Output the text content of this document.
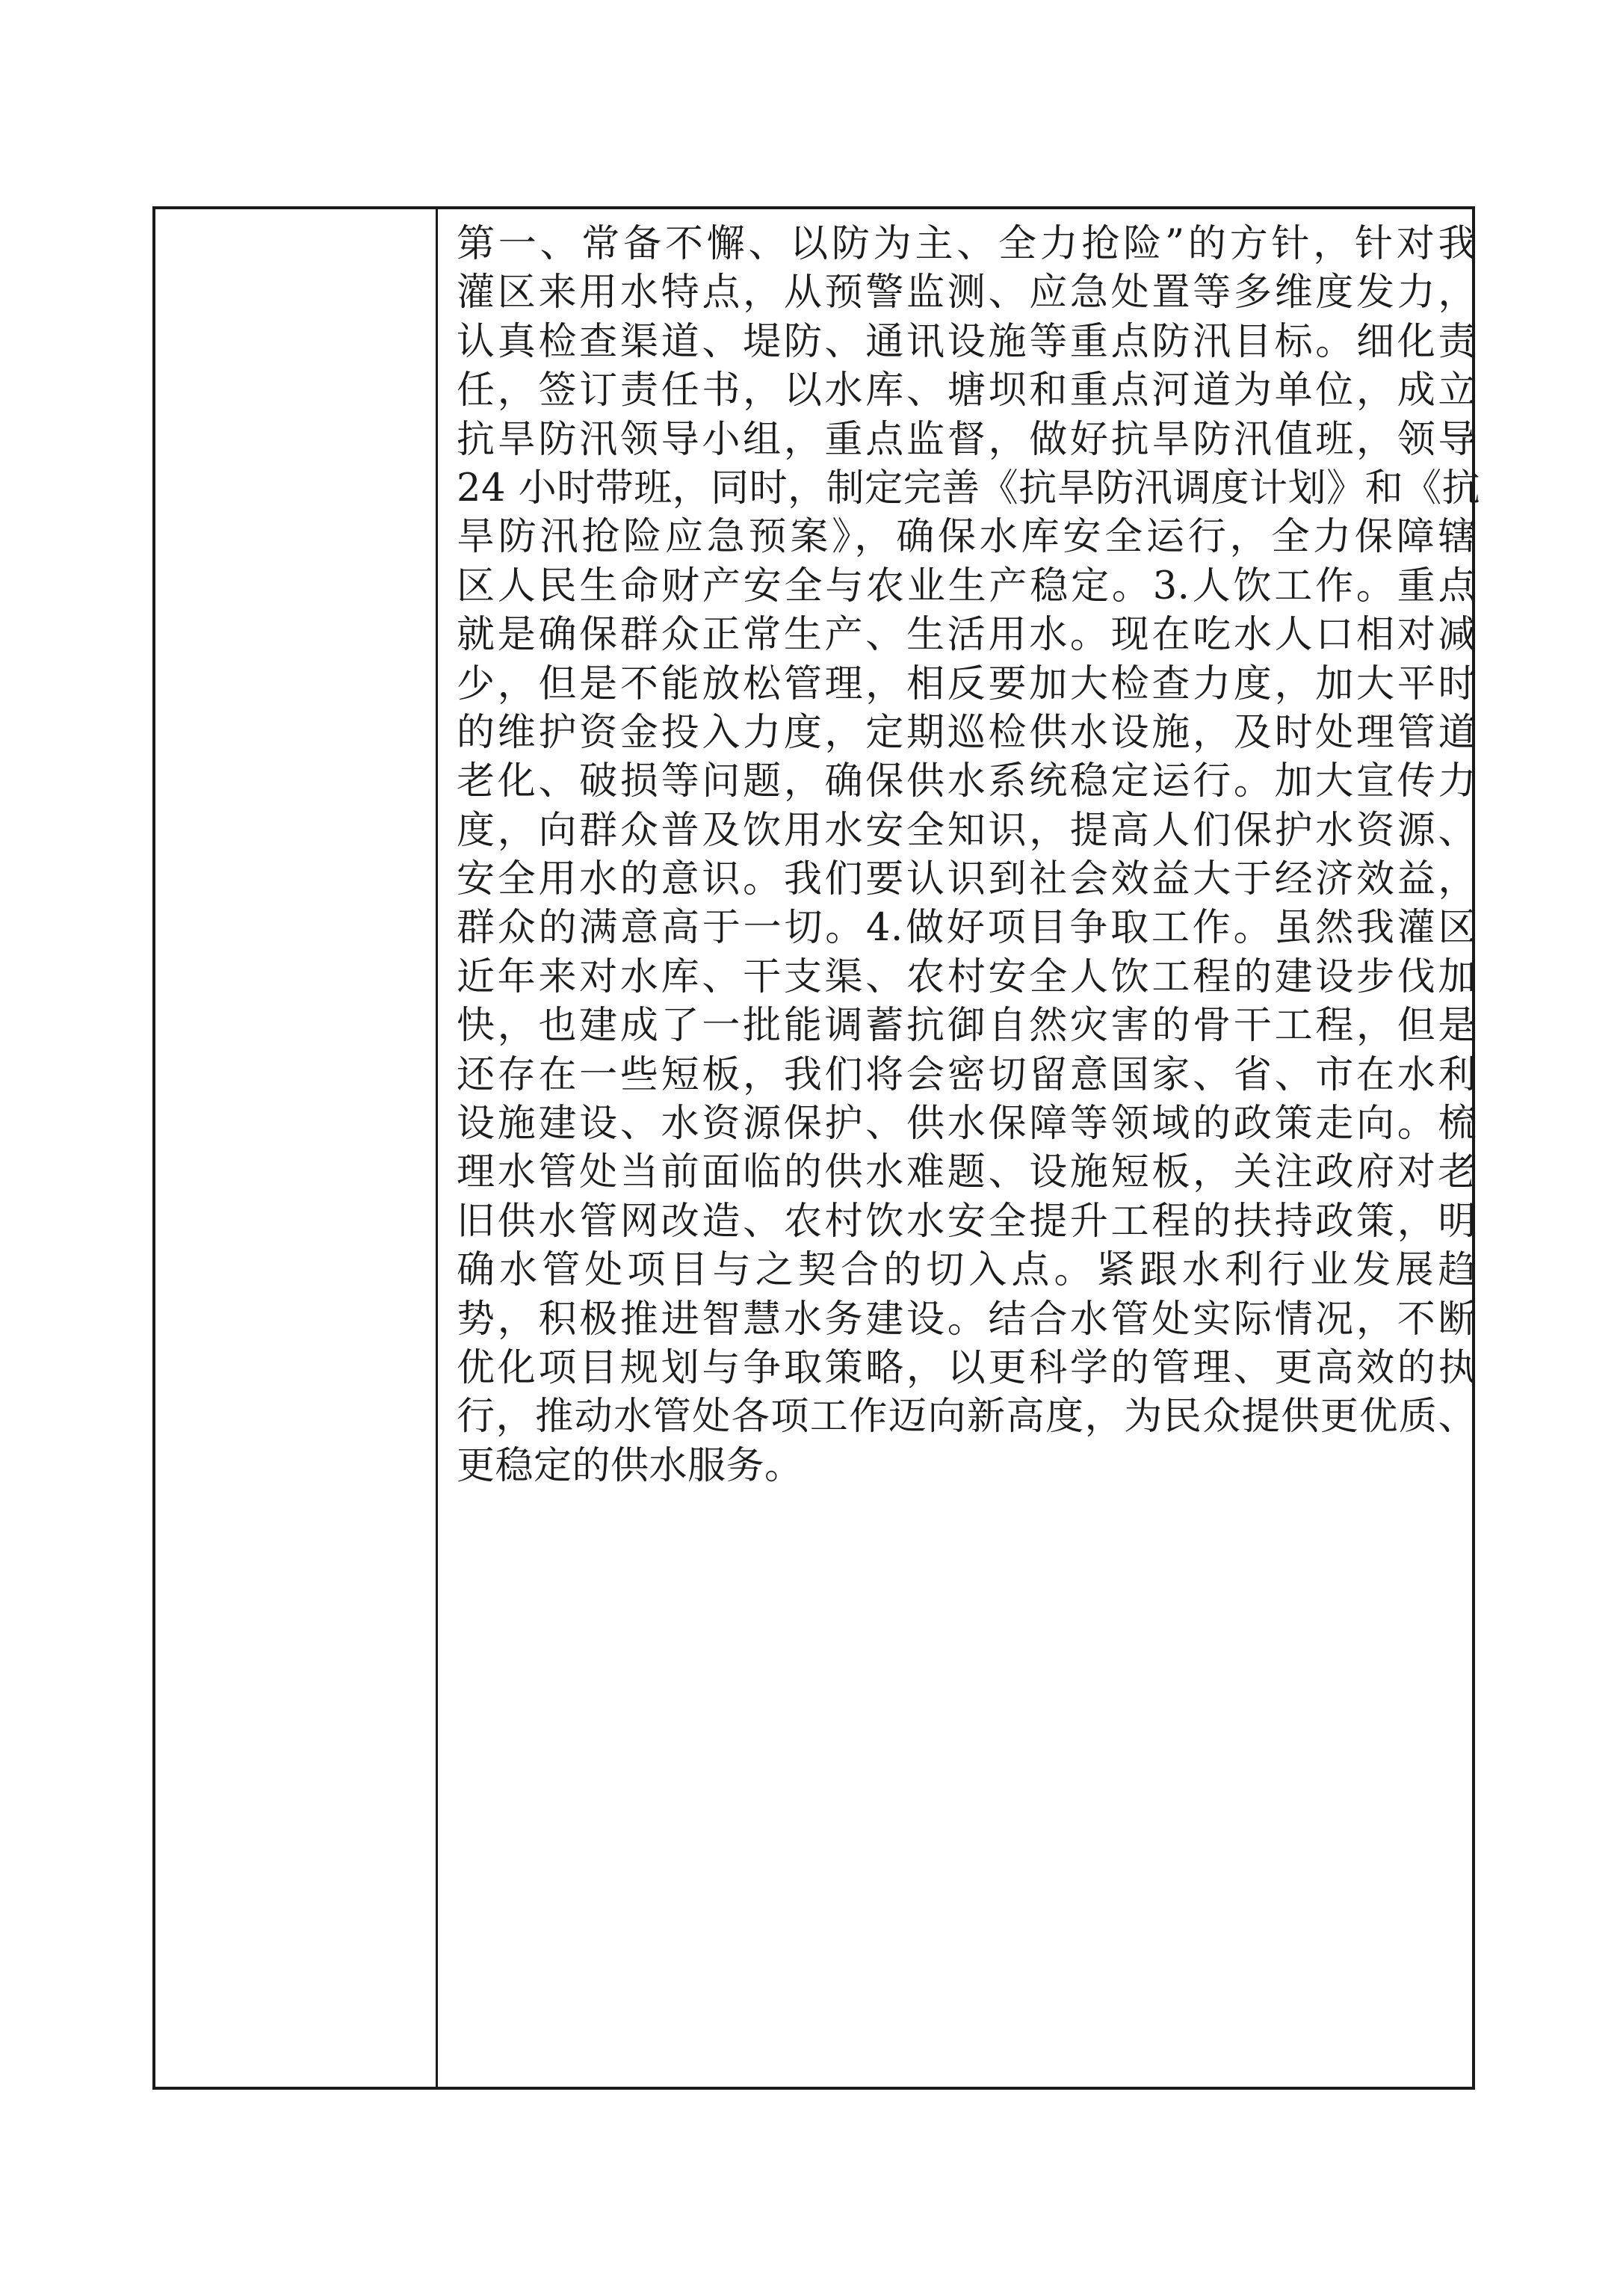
第一、常备不懈、以防为主、全力抢险”的方针，针对我
灌区来用水特点，从预警监测、应急处置等多维度发力，
认真检查渠道、堤防、通讯设施等重点防汛目标。细化责
任，签订责任书，以水库、塘坝和重点河道为单位，成立
抗旱防汛领导小组，重点监督，做好抗旱防汛值班，领导
24 小时带班，同时，制定完善《抗旱防汛调度计划》和《抗
旱防汛抢险应急预案》，确保水库安全运行，全力保障辖
区人民生命财产安全与农业生产稳定。3.人饮工作。重点
就是确保群众正常生产、生活用水。现在吃水人口相对减
少，但是不能放松管理，相反要加大检查力度，加大平时
的维护资金投入力度，定期巡检供水设施，及时处理管道
老化、破损等问题，确保供水系统稳定运行。加大宣传力
度，向群众普及饮用水安全知识，提高人们保护水资源、
安全用水的意识。我们要认识到社会效益大于经济效益，
群众的满意高于一切。4.做好项目争取工作。虽然我灌区
近年来对水库、干支渠、农村安全人饮工程的建设步伐加
快，也建成了一批能调蓄抗御自然灾害的骨干工程，但是
还存在一些短板，我们将会密切留意国家、省、市在水利
设施建设、水资源保护、供水保障等领域的政策走向。梳
理水管处当前面临的供水难题、设施短板，关注政府对老
旧供水管网改造、农村饮水安全提升工程的扶持政策，明
确水管处项目与之契合的切入点。紧跟水利行业发展趋
势，积极推进智慧水务建设。结合水管处实际情况，不断
优化项目规划与争取策略，以更科学的管理、更高效的执
行，推动水管处各项工作迈向新高度，为民众提供更优质、
更稳定的供水服务。
